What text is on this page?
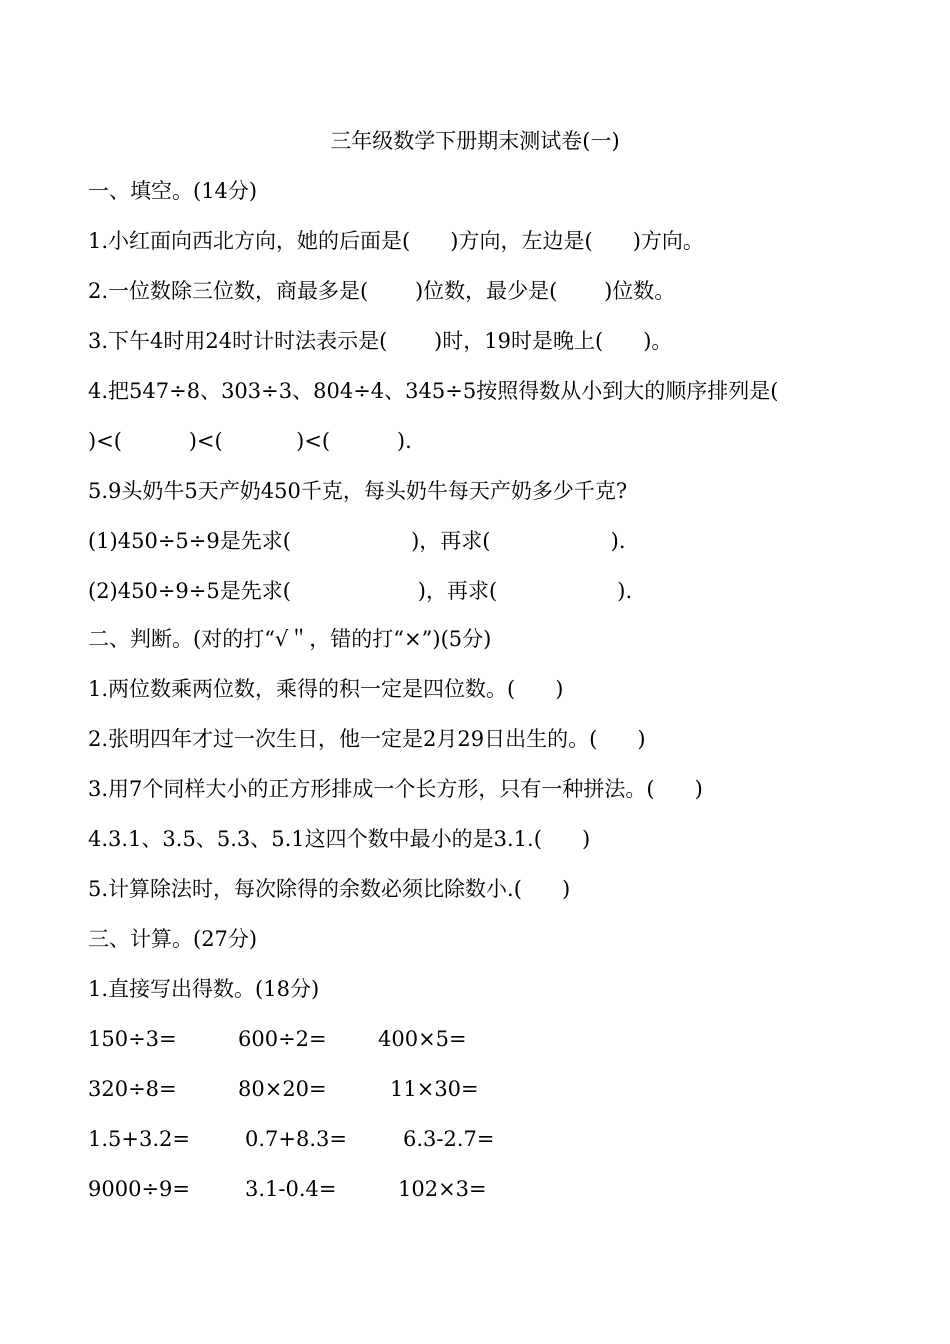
三年级数学下册期末测试卷(一)
一、填空。(14分)
1.小红面向西北方向，她的后面是(      )方向，左边是(      )方向。
2.一位数除三位数，商最多是(       )位数，最少是(       )位数。
3.下午4时用24时计时法表示是(       )时，19时是晚上(      )。
4.把547÷8、303÷3、804÷4、345÷5按照得数从小到大的顺序排列是(
)<(          )<(           )<(          ).
5.9头奶牛5天产奶450千克，每头奶牛每天产奶多少千克?
(1)450÷5÷9是先求(                  )，再求(                  ).
(2)450÷9÷5是先求(                   )，再求(                  ).
二、判断。(对的打“√＂，错的打“×”)(5分)
1.两位数乘两位数，乘得的积一定是四位数。(      )
2.张明四年才过一次生日，他一定是2月29日出生的。(      )
3.用7个同样大小的正方形排成一个长方形，只有一种拼法。(      )
4.3.1、3.5、5.3、5.1这四个数中最小的是3.1.(      )
5.计算除法时，每次除得的余数必须比除数小.(      )
三、计算。(27分)
1.直接写出得数。(18分)
150÷3=	600÷2= 400×5=
320÷8=	80×20=	11×30=
1.5+3.2=	0.7+8.3=	6.3-2.7=
9000÷9=	3.1-0.4=	102×3=
